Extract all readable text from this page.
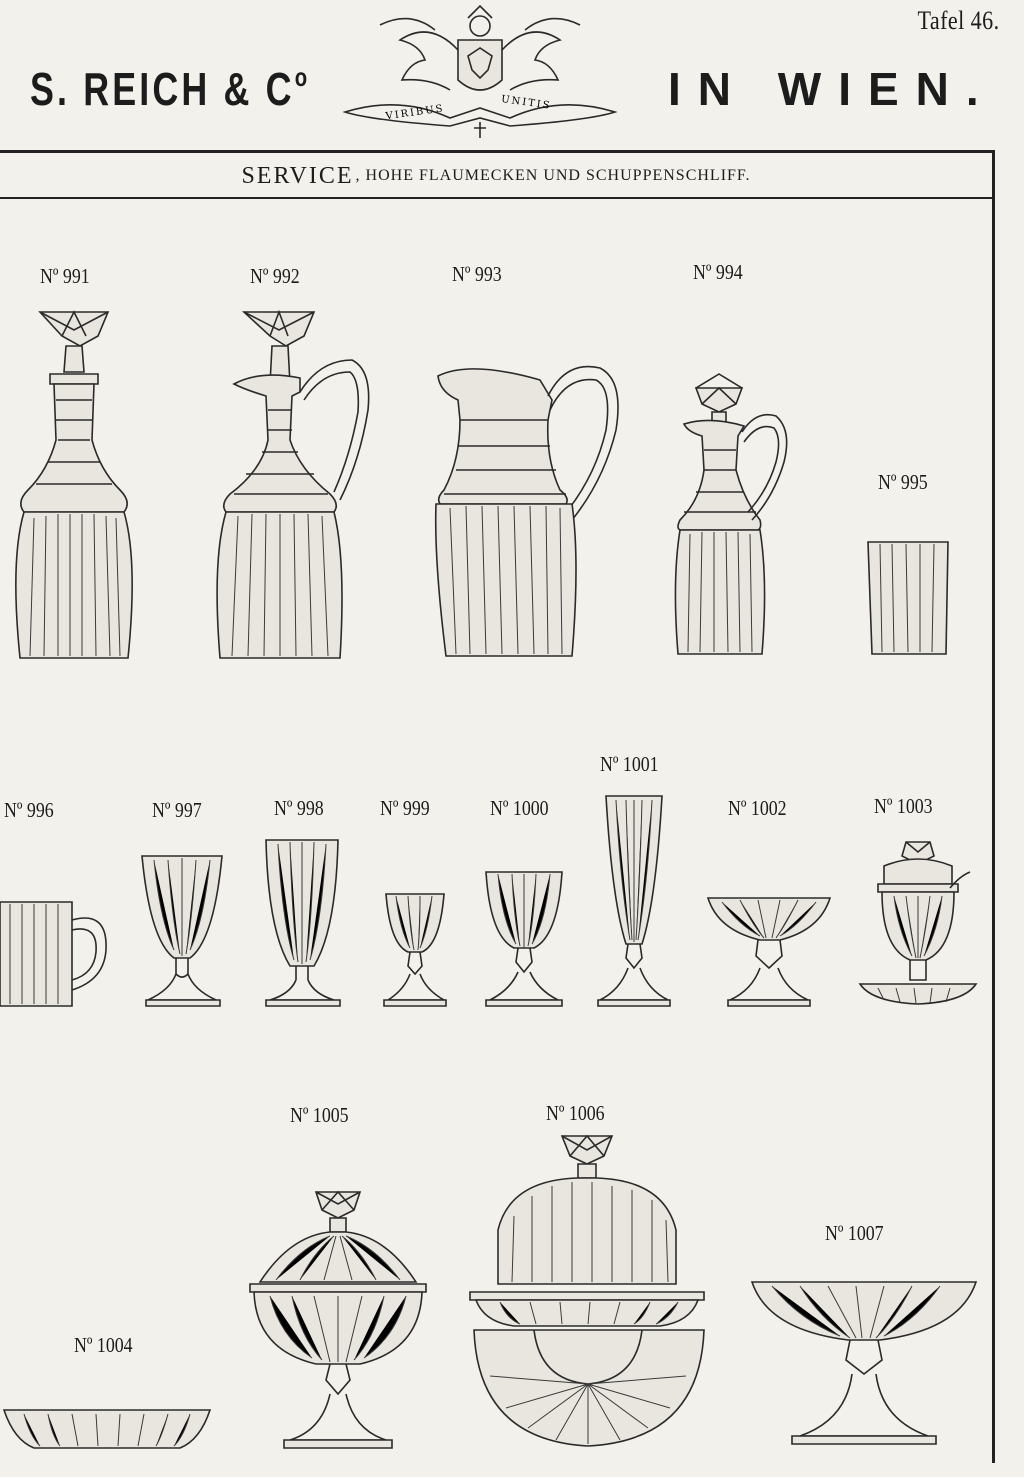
Tafel 46.
S. REICH & $C^o$
VIRIBUS
UNITIS	IN WIEN.
SERVICE , HOHE FLAUMECKEN UND SCHUPPENSCHLIFF.
Nº 991	Nº 992	Nº 993	Nº 994
Nº 995
Nº 996	Nº 997	Nº 998	Nº 999	Nº 1000
Nº 1001
Nº 1002	Nº 1003
Nº 1004
Nº 1005	Nº 1006
Nº 1007
